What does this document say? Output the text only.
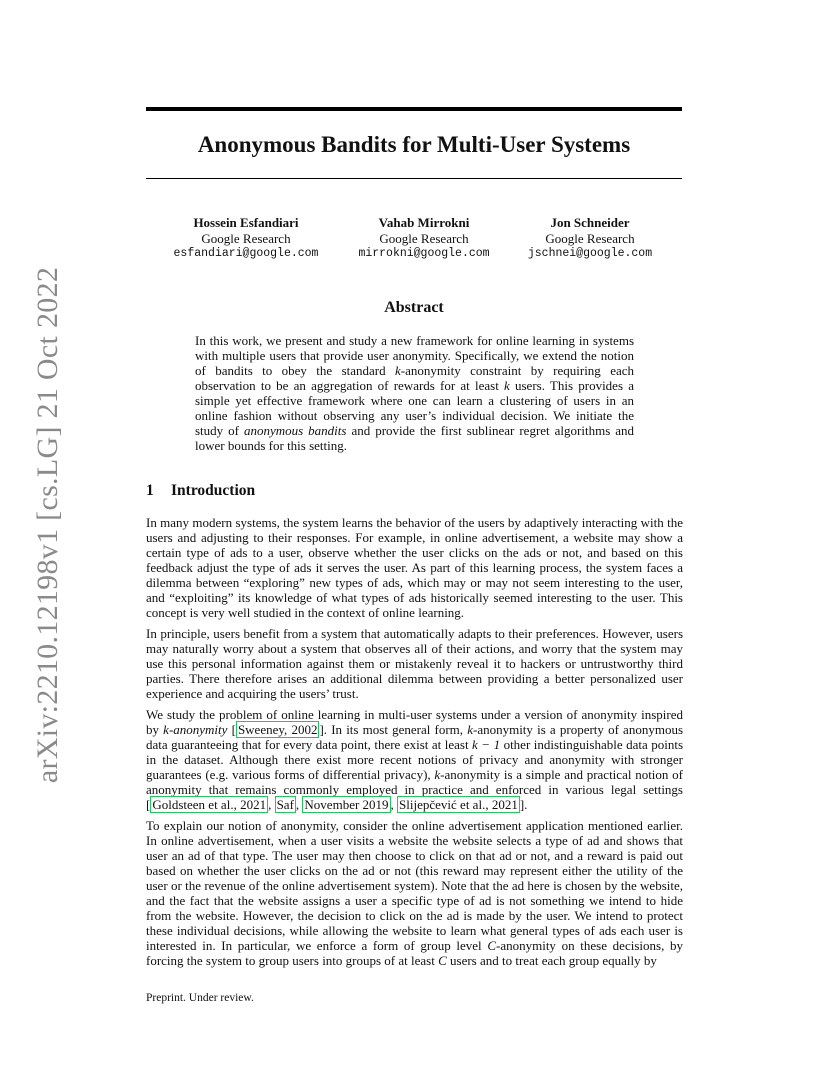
arXiv:2210.12198v1 [cs.LG] 21 Oct 2022
Anonymous Bandits for Multi-User Systems
Hossein Esfandiari
Google Research
esfandiari@google.com
Vahab Mirrokni
Google Research
mirrokni@google.com
Jon Schneider
Google Research
jschnei@google.com
Abstract
In this work, we present and study a new framework for online learning in systems with multiple users that provide user anonymity. Specifically, we extend the notion of bandits to obey the standard k-anonymity constraint by requiring each observation to be an aggregation of rewards for at least k users. This provides a simple yet effective framework where one can learn a clustering of users in an online fashion without observing any user’s individual decision. We initiate the study of anonymous bandits and provide the first sublinear regret algorithms and lower bounds for this setting.
1 Introduction

In many modern systems, the system learns the behavior of the users by adaptively interacting with the users and adjusting to their responses. For example, in online advertisement, a website may show a certain type of ads to a user, observe whether the user clicks on the ads or not, and based on this feedback adjust the type of ads it serves the user. As part of this learning process, the system faces a dilemma between “exploring” new types of ads, which may or may not seem interesting to the user, and “exploiting” its knowledge of what types of ads historically seemed interesting to the user. This concept is very well studied in the context of online learning.

In principle, users benefit from a system that automatically adapts to their preferences. However, users may naturally worry about a system that observes all of their actions, and worry that the system may use this personal information against them or mistakenly reveal it to hackers or untrustworthy third parties. There therefore arises an additional dilemma between providing a better personalized user experience and acquiring the users’ trust.

We study the problem of online learning in multi-user systems under a version of anonymity inspired by k-anonymity [ Sweeney, 2002 ]. In its most general form, k-anonymity is a property of anonymous data guaranteeing that for every data point, there exist at least k − 1 other indistinguishable data points in the dataset. Although there exist more recent notions of privacy and anonymity with stronger guarantees (e.g. various forms of differential privacy), k-anonymity is a simple and practical notion of anonymity that remains commonly employed in practice and enforced in various legal settings [ Goldsteen et al., 2021 , Saf , November 2019 , Slijepčević et al., 2021 ].

To explain our notion of anonymity, consider the online advertisement application mentioned earlier. In online advertisement, when a user visits a website the website selects a type of ad and shows that user an ad of that type. The user may then choose to click on that ad or not, and a reward is paid out based on whether the user clicks on the ad or not (this reward may represent either the utility of the user or the revenue of the online advertisement system). Note that the ad here is chosen by the website, and the fact that the website assigns a user a specific type of ad is not something we intend to hide from the website. However, the decision to click on the ad is made by the user. We intend to protect these individual decisions, while allowing the website to learn what general types of ads each user is interested in. In particular, we enforce a form of group level C-anonymity on these decisions, by forcing the system to group users into groups of at least C users and to treat each group equally by

Preprint. Under review.
